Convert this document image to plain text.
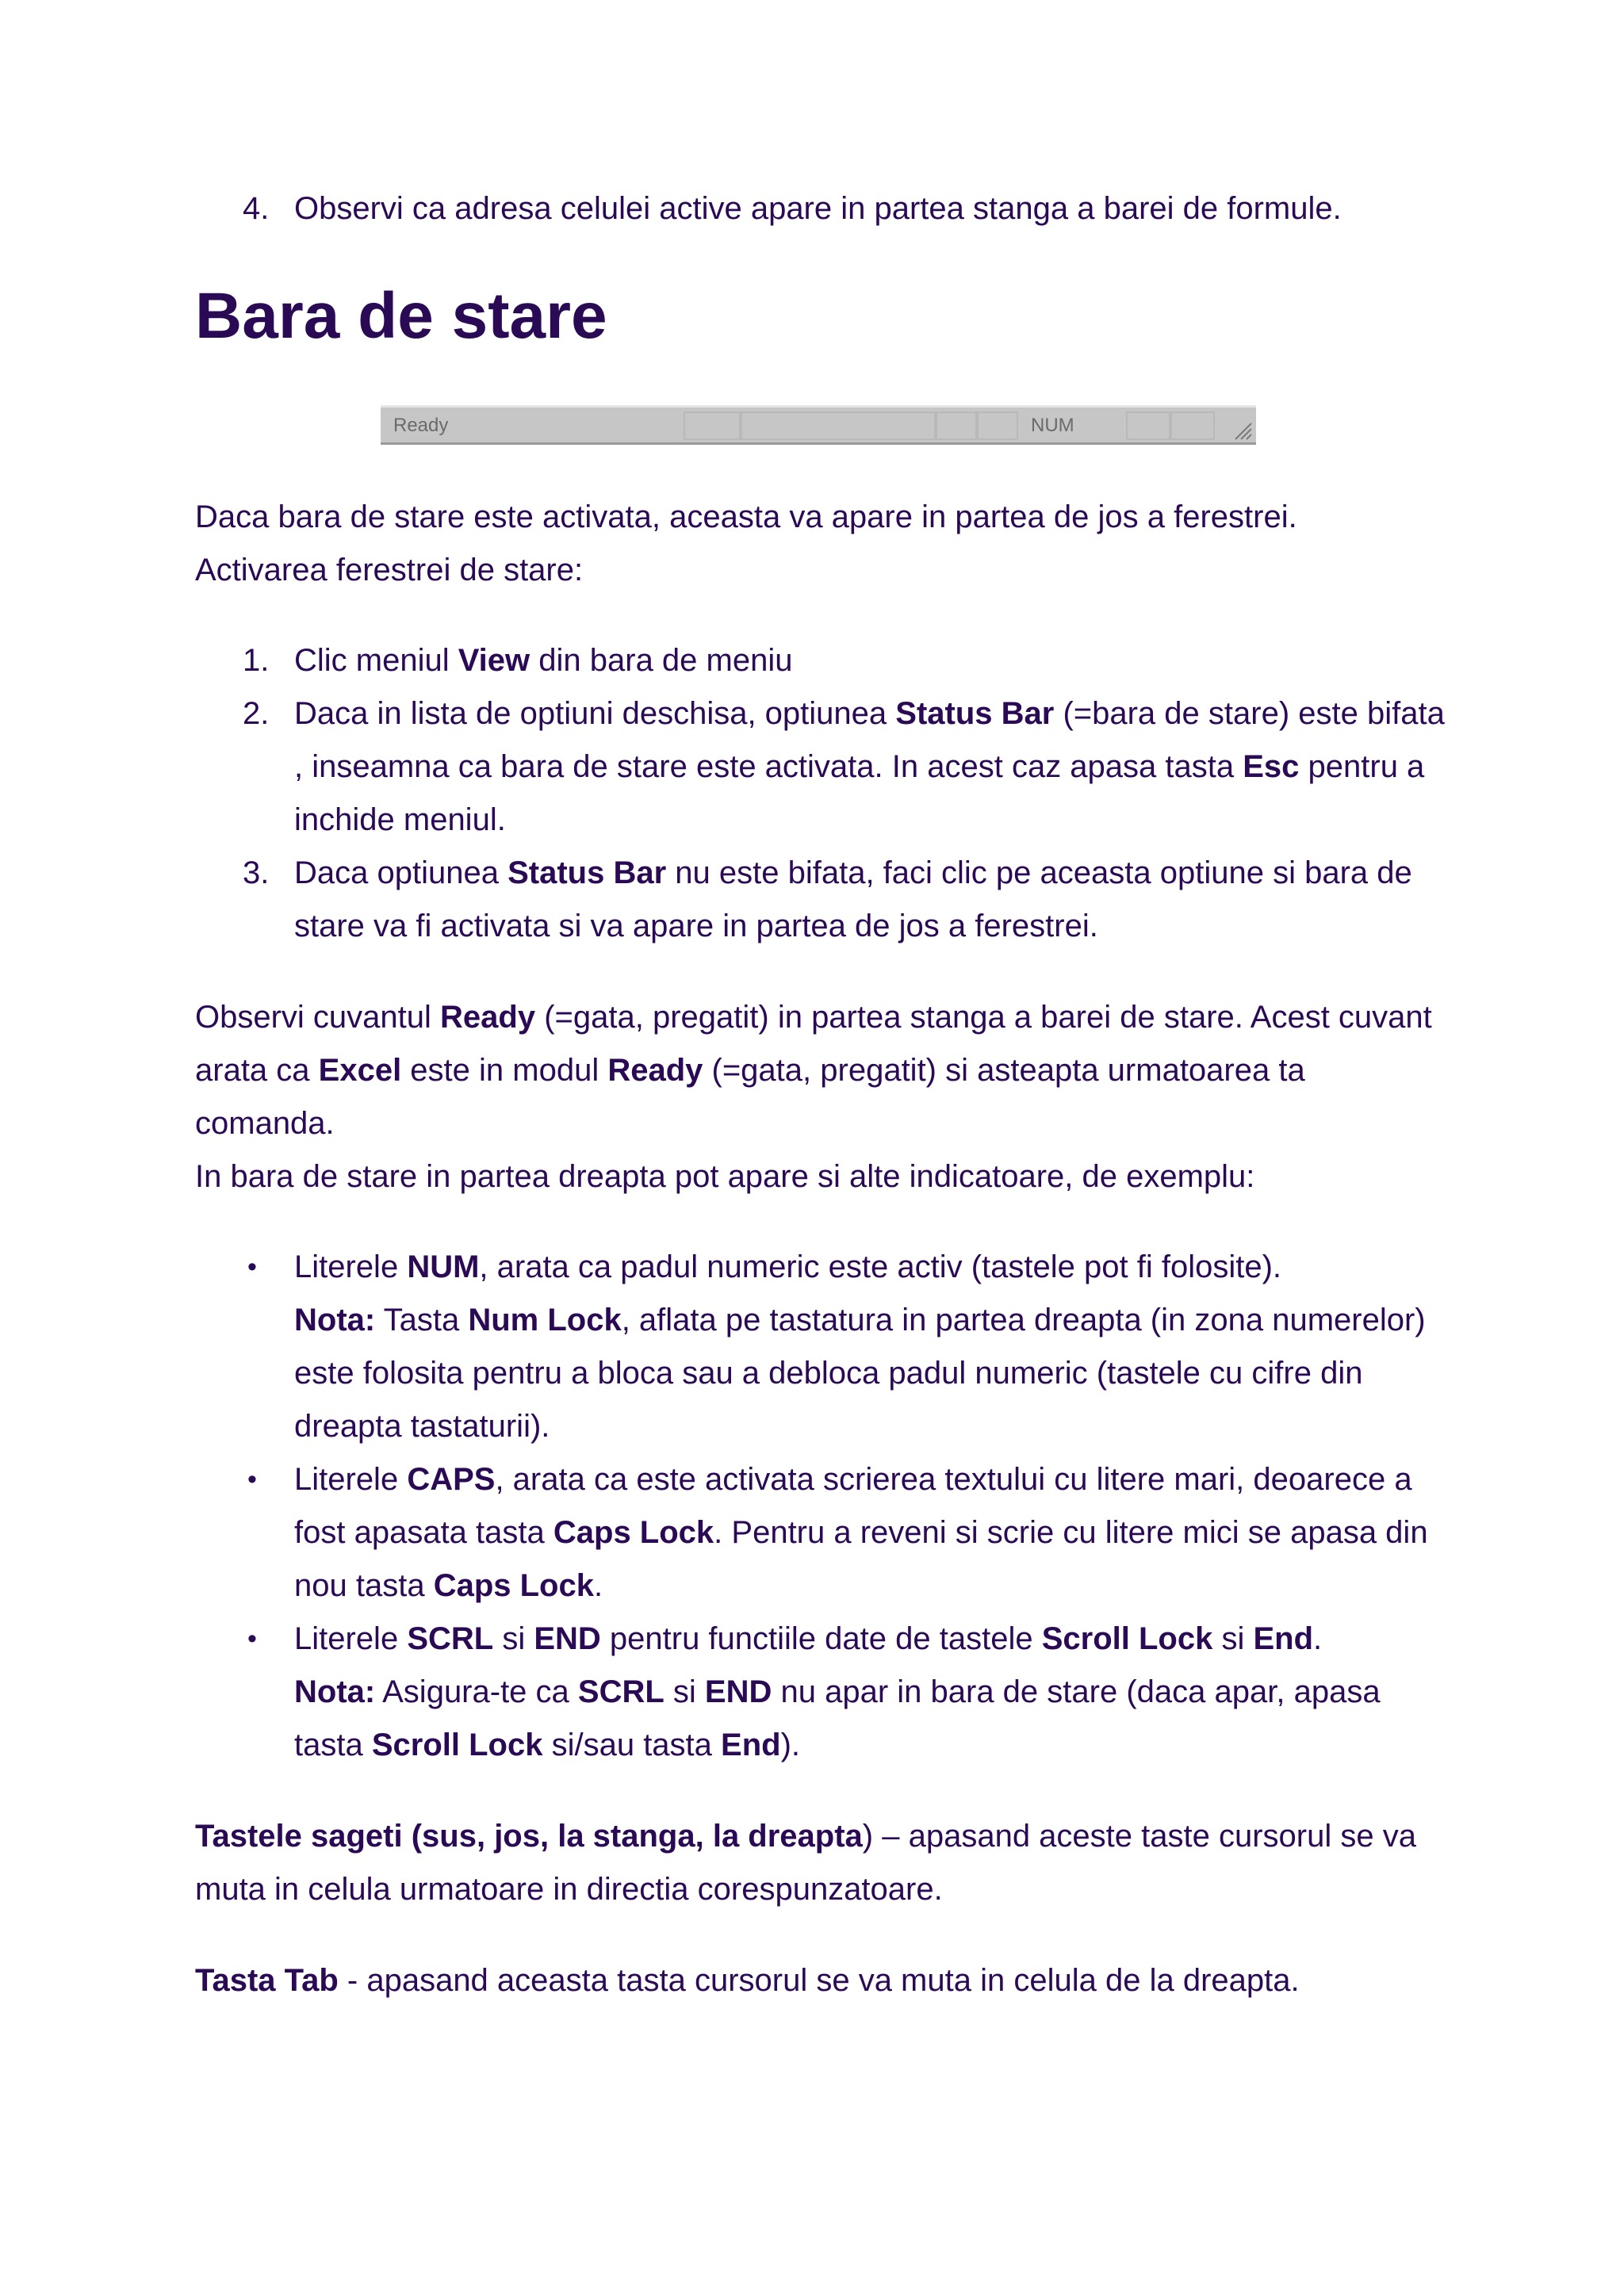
4. Observi ca adresa celulei active apare in partea stanga a barei de formule.
Bara de stare
Ready	NUM

Daca bara de stare este activata, aceasta va apare in partea de jos a ferestrei.

Activarea ferestrei de stare:

1. Clic meniul View din bara de meniu
2. Daca in lista de optiuni deschisa, optiunea Status Bar (=bara de stare) este bifata , inseamna ca bara de stare este activata. In acest caz apasa tasta Esc pentru a inchide meniul.
3. Daca optiunea Status Bar nu este bifata, faci clic pe aceasta optiune si bara de stare va fi activata si va apare in partea de jos a ferestrei.

Observi cuvantul Ready (=gata, pregatit) in partea stanga a barei de stare. Acest cuvant arata ca Excel este in modul Ready (=gata, pregatit) si asteapta urmatoarea ta comanda.

In bara de stare in partea dreapta pot apare si alte indicatoare, de exemplu:

• Literele NUM, arata ca padul numeric este activ (tastele pot fi folosite).
Nota: Tasta Num Lock, aflata pe tastatura in partea dreapta (in zona numerelor) este folosita pentru a bloca sau a debloca padul numeric (tastele cu cifre din dreapta tastaturii).
• Literele CAPS, arata ca este activata scrierea textului cu litere mari, deoarece a fost apasata tasta Caps Lock. Pentru a reveni si scrie cu litere mici se apasa din nou tasta Caps Lock.
• Literele SCRL si END pentru functiile date de tastele Scroll Lock si End.
Nota: Asigura-te ca SCRL si END nu apar in bara de stare (daca apar, apasa tasta Scroll Lock si/sau tasta End).

Tastele sageti (sus, jos, la stanga, la dreapta) – apasand aceste taste cursorul se va muta in celula urmatoare in directia corespunzatoare.

Tasta Tab - apasand aceasta tasta cursorul se va muta in celula de la dreapta.
